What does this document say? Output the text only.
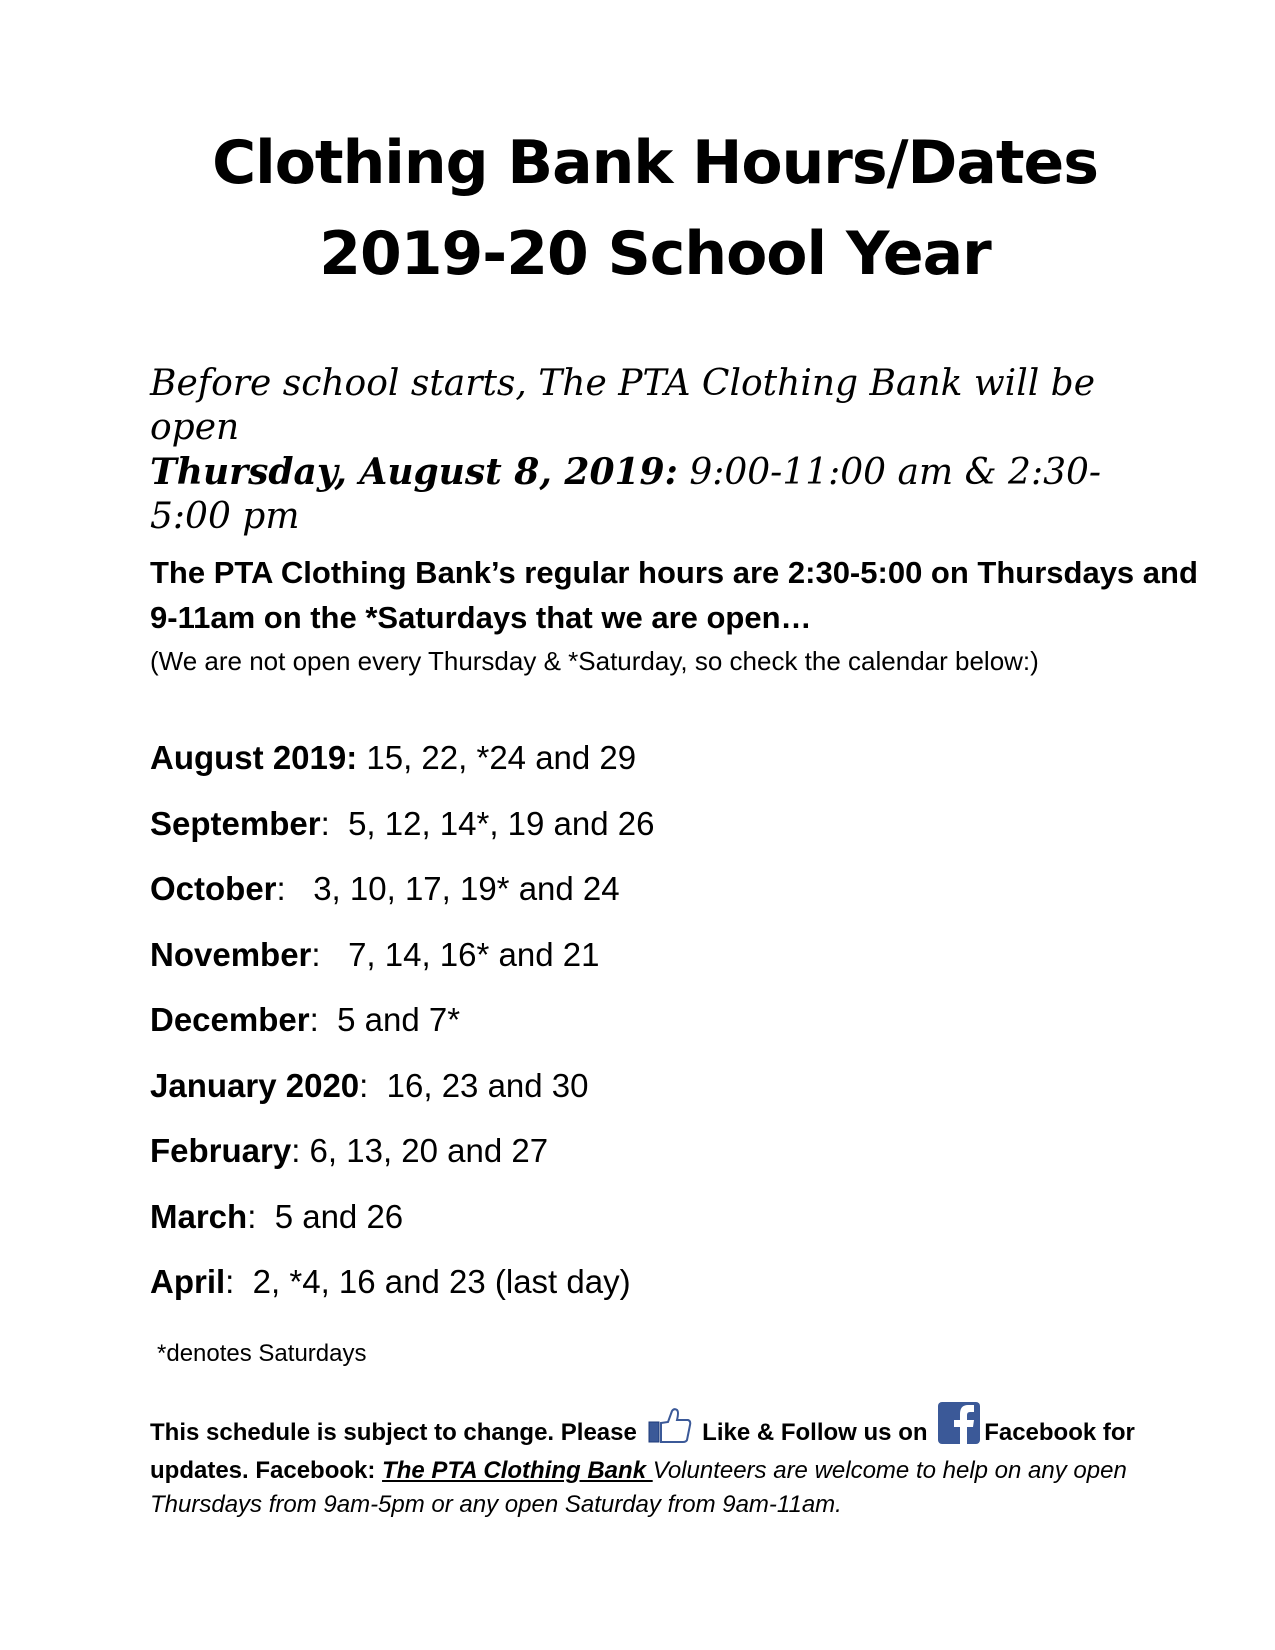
Clothing Bank Hours/Dates
2019-20 School Year

Before school starts, The PTA Clothing Bank will be open
Thursday, August 8, 2019: 9:00-11:00 am & 2:30-5:00 pm

The PTA Clothing Bank’s regular hours are 2:30-5:00 on Thursdays and 9-11am on the *Saturdays that we are open…

(We are not open every Thursday & *Saturday, so check the calendar below:)

August 2019: 15, 22, *24 and 29
September:  5, 12, 14*, 19 and 26
October:   3, 10, 17, 19* and 24
November:   7, 14, 16* and 21
December:  5 and 7*
January 2020:  16, 23 and 30
February: 6, 13, 20 and 27
March:  5 and 26
April:  2, *4, 16 and 23 (last day)
*denotes Saturdays

This schedule is subject to change. Please  Like & Follow us on Facebook for updates. Facebook: The PTA Clothing Bank Volunteers are welcome to help on any open Thursdays from 9am-5pm or any open Saturday from 9am-11am.
